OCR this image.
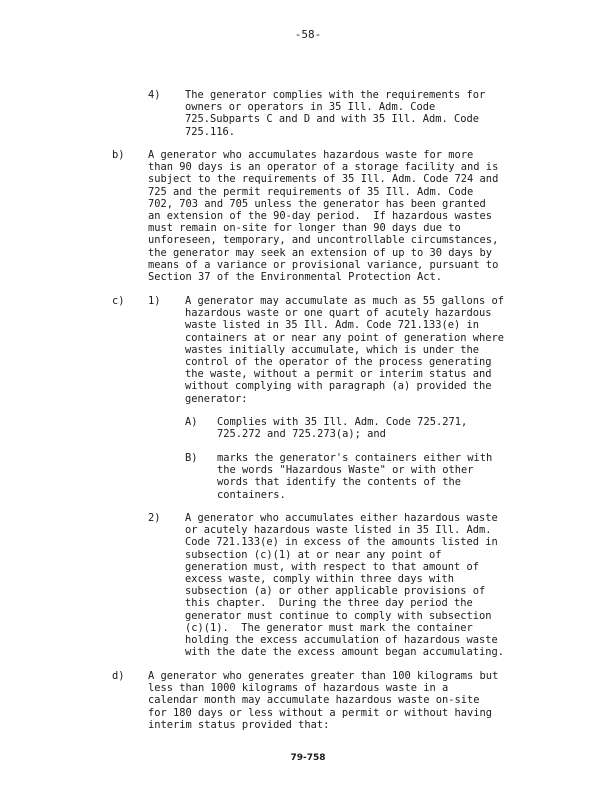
-58-
4) The generator complies with the requirements for
owners or operators in 35 Ill. Adm. Code
725.Subparts C and D and with 35 Ill. Adm. Code
725.116.
b) A generator who accumulates hazardous waste for more
than 90 days is an operator of a storage facility and is
subject to the requirements of 35 Ill. Adm. Code 724 and
725 and the permit requirements of 35 Ill. Adm. Code
702, 703 and 705 unless the generator has been granted
an extension of the 90-day period.  If hazardous wastes
must remain on-site for longer than 90 days due to
unforeseen, temporary, and uncontrollable circumstances,
the generator may seek an extension of up to 30 days by
means of a variance or provisional variance, pursuant to
Section 37 of the Environmental Protection Act.
c) 1) A generator may accumulate as much as 55 gallons of
hazardous waste or one quart of acutely hazardous
waste listed in 35 Ill. Adm. Code 721.133(e) in
containers at or near any point of generation where
wastes initially accumulate, which is under the
control of the operator of the process generating
the waste, without a permit or interim status and
without complying with paragraph (a) provided the
generator:
A) Complies with 35 Ill. Adm. Code 725.271,
725.272 and 725.273(a); and
B) marks the generator's containers either with
the words "Hazardous Waste" or with other
words that identify the contents of the
containers.
2) A generator who accumulates either hazardous waste
or acutely hazardous waste listed in 35 Ill. Adm.
Code 721.133(e) in excess of the amounts listed in
subsection (c)(1) at or near any point of
generation must, with respect to that amount of
excess waste, comply within three days with
subsection (a) or other applicable provisions of
this chapter.  During the three day period the
generator must continue to comply with subsection
(c)(1).  The generator must mark the container
holding the excess accumulation of hazardous waste
with the date the excess amount began accumulating.
d) A generator who generates greater than 100 kilograms but
less than 1000 kilograms of hazardous waste in a
calendar month may accumulate hazardous waste on-site
for 180 days or less without a permit or without having
interim status provided that:
79-758
